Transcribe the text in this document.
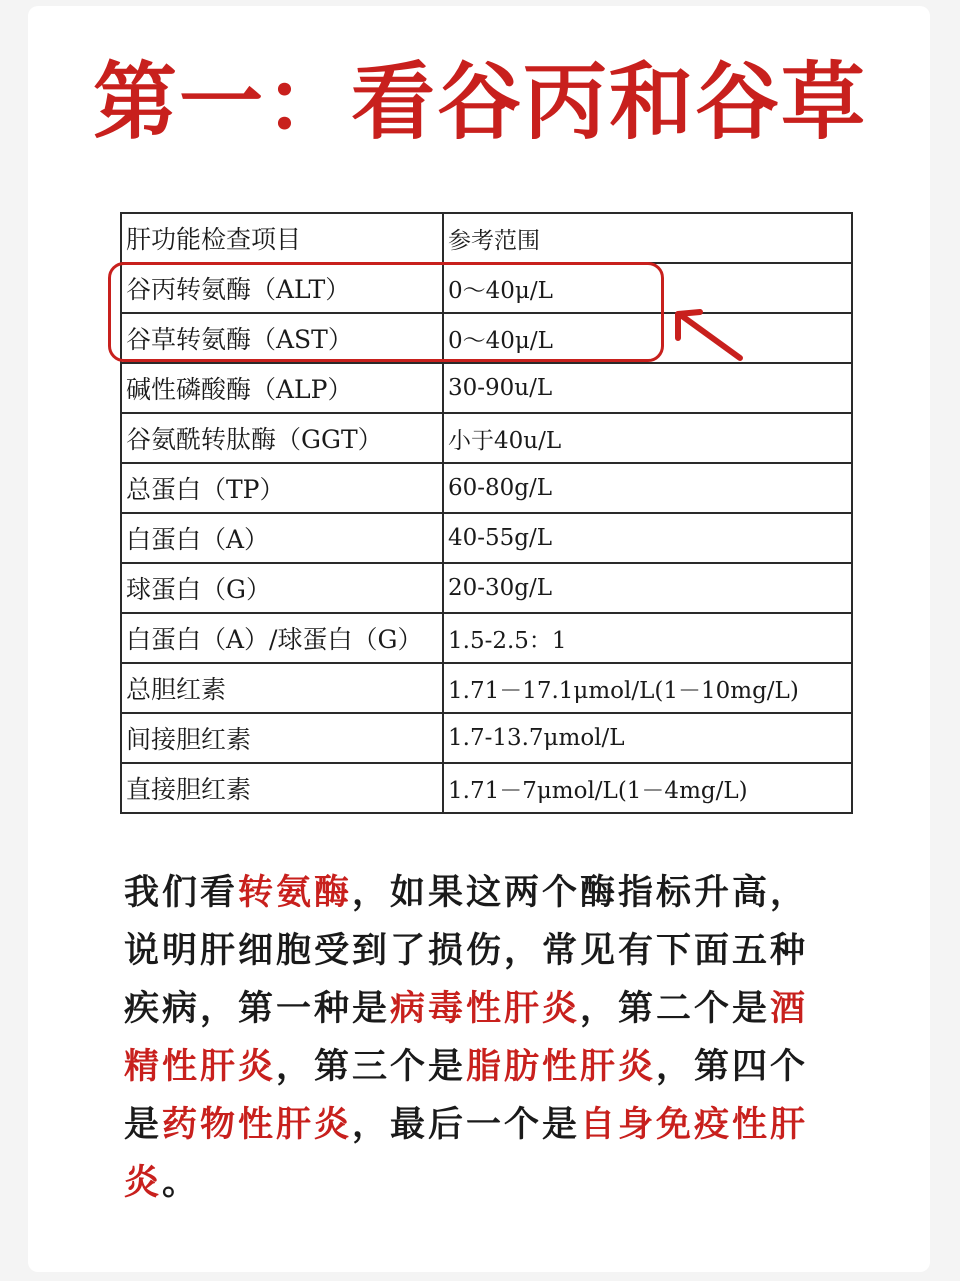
第一：看谷丙和谷草
肝功能检查项目	参考范围
谷丙转氨酶（ALT）	0～40μ/L
谷草转氨酶（AST）	0～40μ/L
碱性磷酸酶（ALP）	30-90u/L
谷氨酰转肽酶（GGT）	小于40u/L
总蛋白（TP）	60-80g/L
白蛋白（A）	40-55g/L
球蛋白（G）	20-30g/L
白蛋白（A）/球蛋白（G）	1.5-2.5：1
总胆红素	1.71－17.1μmol/L(1－10mg/L)
间接胆红素	1.7-13.7μmol/L
直接胆红素	1.71－7μmol/L(1－4mg/L)
我们看转氨酶，如果这两个酶指标升高，说明肝细胞受到了损伤，常见有下面五种疾病，第一种是病毒性肝炎，第二个是酒精性肝炎，第三个是脂肪性肝炎，第四个是药物性肝炎，最后一个是自身免疫性肝炎。
